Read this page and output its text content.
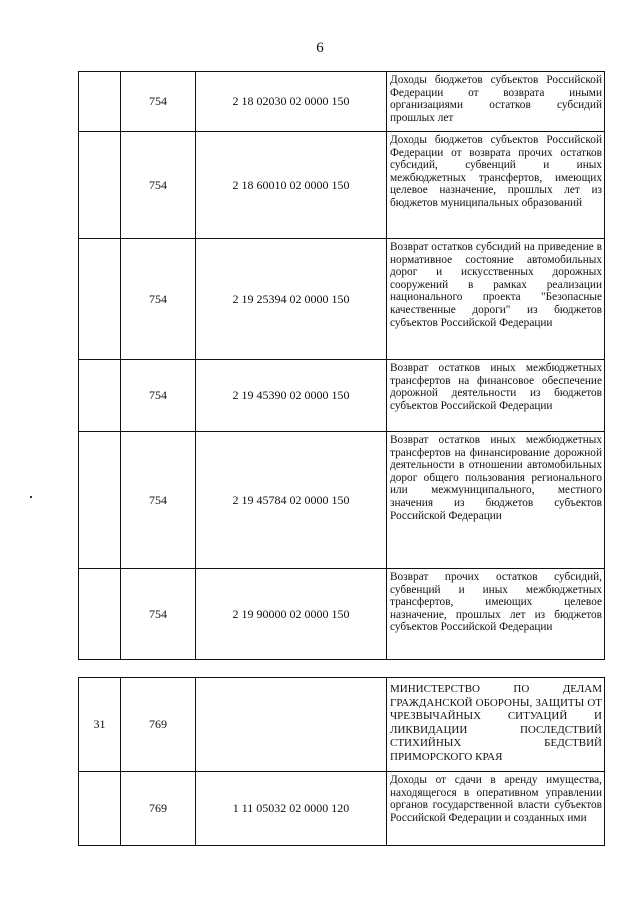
6
	754	2 18 02030 02 0000 150	Доходы бюджетов субъектов Российской Федерации от возврата иными организациями остатков субсидий прошлых лет
	754	2 18 60010 02 0000 150	Доходы бюджетов субъектов Российской Федерации от возврата прочих остатков субсидий, субвенций и иных межбюджетных трансфертов, имеющих целевое назначение, прошлых лет из бюджетов муниципальных образований
	754	2 19 25394 02 0000 150	Возврат остатков субсидий на приведение в нормативное состояние автомобильных дорог и искусственных дорожных сооружений в рамках реализации национального проекта "Безопасные качественные дороги" из бюджетов субъектов Российской Федерации
	754	2 19 45390 02 0000 150	Возврат остатков иных межбюджетных трансфертов на финансовое обеспечение дорожной деятельности из бюджетов субъектов Российской Федерации
	754	2 19 45784 02 0000 150	Возврат остатков иных межбюджетных трансфертов на финансирование дорожной деятельности в отношении автомобильных дорог общего пользования регионального или межмуниципального, местного значения из бюджетов субъектов Российской Федерации
	754	2 19 90000 02 0000 150	Возврат прочих остатков субсидий, субвенций и иных межбюджетных трансфертов, имеющих целевое назначение, прошлых лет из бюджетов субъектов Российской Федерации
31	769		МИНИСТЕРСТВО ПО ДЕЛАМ ГРАЖДАНСКОЙ ОБОРОНЫ, ЗАЩИТЫ ОТ ЧРЕЗВЫЧАЙНЫХ СИТУАЦИЙ И ЛИКВИДАЦИИ ПОСЛЕДСТВИЙ СТИХИЙНЫХ БЕДСТВИЙ ПРИМОРСКОГО КРАЯ
	769	1 11 05032 02 0000 120	Доходы от сдачи в аренду имущества, находящегося в оперативном управлении органов государственной власти субъектов Российской Федерации и созданных ими
